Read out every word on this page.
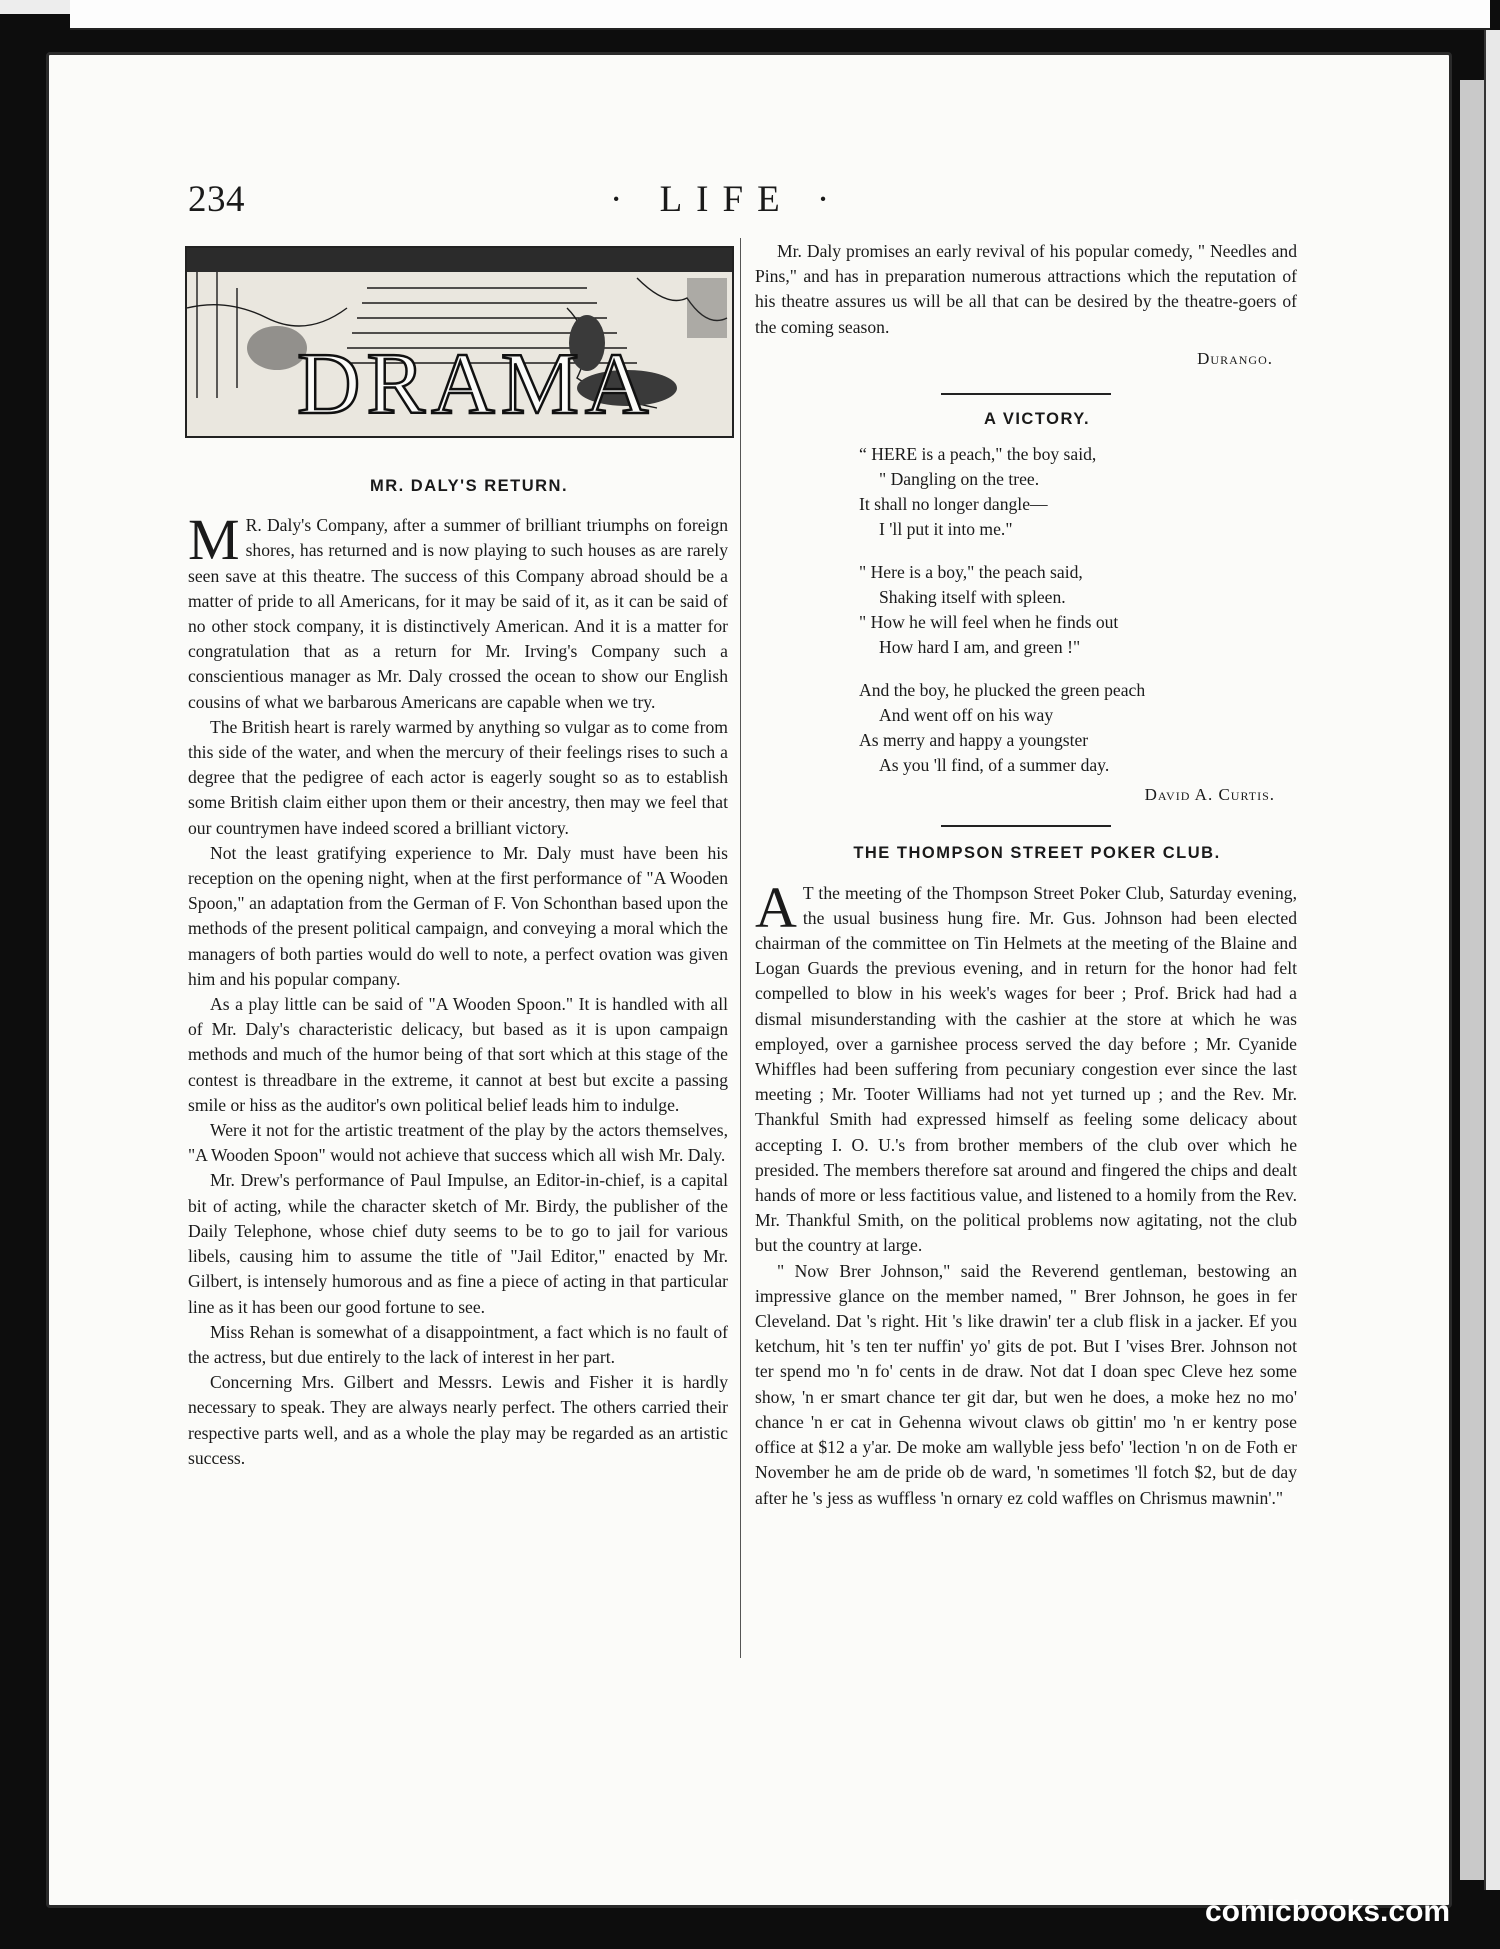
234	· LIFE ·
DRAMA

MR. DALY'S RETURN.

M R. Daly's Company, after a summer of brilliant triumphs on foreign shores, has returned and is now playing to such houses as are rarely seen save at this theatre. The success of this Company abroad should be a matter of pride to all Americans, for it may be said of it, as it can be said of no other stock company, it is distinctively American. And it is a matter for congratulation that as a return for Mr. Irving's Company such a conscientious manager as Mr. Daly crossed the ocean to show our English cousins of what we barbarous Americans are capable when we try.

The British heart is rarely warmed by anything so vulgar as to come from this side of the water, and when the mercury of their feelings rises to such a degree that the pedigree of each actor is eagerly sought so as to establish some British claim either upon them or their ancestry, then may we feel that our countrymen have indeed scored a brilliant victory.

Not the least gratifying experience to Mr. Daly must have been his reception on the opening night, when at the first performance of "A Wooden Spoon," an adaptation from the German of F. Von Schonthan based upon the methods of the present political campaign, and conveying a moral which the managers of both parties would do well to note, a perfect ovation was given him and his popular company.

As a play little can be said of "A Wooden Spoon." It is handled with all of Mr. Daly's characteristic delicacy, but based as it is upon campaign methods and much of the humor being of that sort which at this stage of the contest is threadbare in the extreme, it cannot at best but excite a passing smile or hiss as the auditor's own political belief leads him to indulge.

Were it not for the artistic treatment of the play by the actors themselves, "A Wooden Spoon" would not achieve that success which all wish Mr. Daly.

Mr. Drew's performance of Paul Impulse, an Editor-in-chief, is a capital bit of acting, while the character sketch of Mr. Birdy, the publisher of the Daily Telephone, whose chief duty seems to be to go to jail for various libels, causing him to assume the title of "Jail Editor," enacted by Mr. Gilbert, is intensely humorous and as fine a piece of acting in that particular line as it has been our good fortune to see.

Miss Rehan is somewhat of a disappointment, a fact which is no fault of the actress, but due entirely to the lack of interest in her part.

Concerning Mrs. Gilbert and Messrs. Lewis and Fisher it is hardly necessary to speak. They are always nearly perfect. The others carried their respective parts well, and as a whole the play may be regarded as an artistic success.

Mr. Daly promises an early revival of his popular comedy, " Needles and Pins," and has in preparation numerous attractions which the reputation of his theatre assures us will be all that can be desired by the theatre-goers of the coming season.

Durango.

A VICTORY.

“ HERE is a peach," the boy said,

" Dangling on the tree.

It shall no longer dangle—

I 'll put it into me."

" Here is a boy," the peach said,

Shaking itself with spleen.

" How he will feel when he finds out

How hard I am, and green !"

And the boy, he plucked the green peach

And went off on his way

As merry and happy a youngster

As you 'll find, of a summer day.

David A. Curtis.

THE THOMPSON STREET POKER CLUB.

A T the meeting of the Thompson Street Poker Club, Saturday evening, the usual business hung fire. Mr. Gus. Johnson had been elected chairman of the committee on Tin Helmets at the meeting of the Blaine and Logan Guards the previous evening, and in return for the honor had felt compelled to blow in his week's wages for beer ; Prof. Brick had had a dismal misunderstanding with the cashier at the store at which he was employed, over a garnishee process served the day before ; Mr. Cyanide Whiffles had been suffering from pecuniary congestion ever since the last meeting ; Mr. Tooter Williams had not yet turned up ; and the Rev. Mr. Thankful Smith had expressed himself as feeling some delicacy about accepting I. O. U.'s from brother members of the club over which he presided. The members therefore sat around and fingered the chips and dealt hands of more or less factitious value, and listened to a homily from the Rev. Mr. Thankful Smith, on the political problems now agitating, not the club but the country at large.

" Now Brer Johnson," said the Reverend gentleman, bestowing an impressive glance on the member named, " Brer Johnson, he goes in fer Cleveland. Dat 's right. Hit 's like drawin' ter a club flisk in a jacker. Ef you ketchum, hit 's ten ter nuffin' yo' gits de pot. But I 'vises Brer. Johnson not ter spend mo 'n fo' cents in de draw. Not dat I doan spec Cleve hez some show, 'n er smart chance ter git dar, but wen he does, a moke hez no mo' chance 'n er cat in Gehenna wivout claws ob gittin' mo 'n er kentry pose office at $12 a y'ar. De moke am wallyble jess befo' 'lection 'n on de Foth er November he am de pride ob de ward, 'n sometimes 'll fotch $2, but de day after he 's jess as wuffless 'n ornary ez cold waffles on Chrismus mawnin'."

comicbooks.com
